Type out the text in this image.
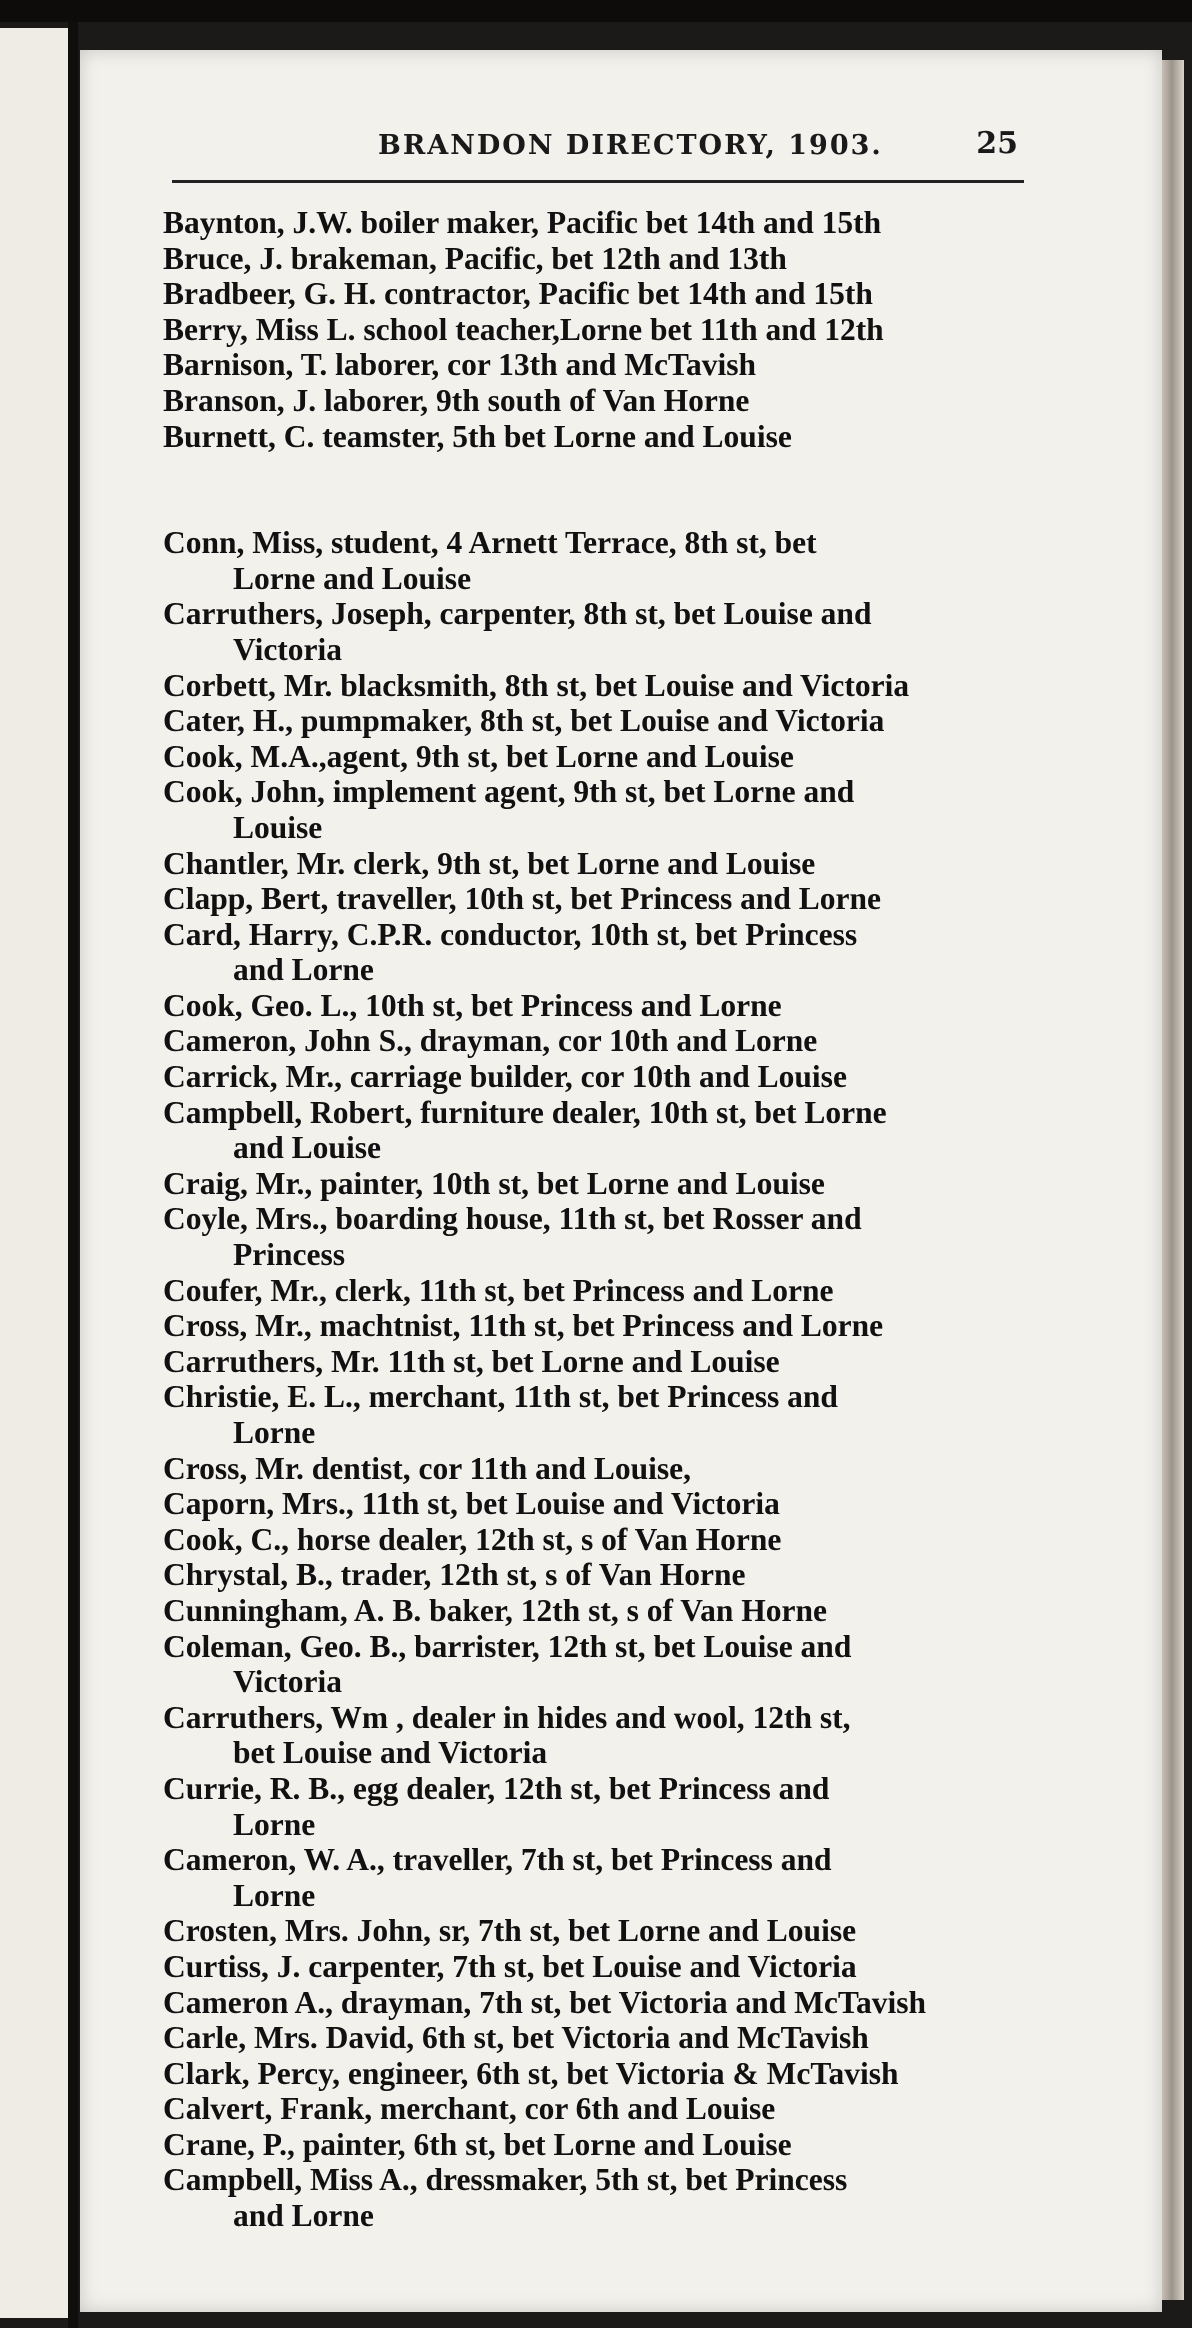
BRANDON DIRECTORY, 1903.	25
Baynton, J.W. boiler maker, Pacific bet 14th and 15th
Bruce, J. brakeman, Pacific, bet 12th and 13th
Bradbeer, G. H. contractor, Pacific bet 14th and 15th
Berry, Miss L. school teacher,Lorne bet 11th and 12th
Barnison, T. laborer, cor 13th and McTavish
Branson, J. laborer, 9th south of Van Horne
Burnett, C. teamster, 5th bet Lorne and Louise
Conn, Miss, student, 4 Arnett Terrace, 8th st, bet
Lorne and Louise
Carruthers, Joseph, carpenter, 8th st, bet Louise and
Victoria
Corbett, Mr. blacksmith, 8th st, bet Louise and Victoria
Cater, H., pumpmaker, 8th st, bet Louise and Victoria
Cook, M.A.,agent, 9th st, bet Lorne and Louise
Cook, John, implement agent, 9th st, bet Lorne and
Louise
Chantler, Mr. clerk, 9th st, bet Lorne and Louise
Clapp, Bert, traveller, 10th st, bet Princess and Lorne
Card, Harry, C.P.R. conductor, 10th st, bet Princess
and Lorne
Cook, Geo. L., 10th st, bet Princess and Lorne
Cameron, John S., drayman, cor 10th and Lorne
Carrick, Mr., carriage builder, cor 10th and Louise
Campbell, Robert, furniture dealer, 10th st, bet Lorne
and Louise
Craig, Mr., painter, 10th st, bet Lorne and Louise
Coyle, Mrs., boarding house, 11th st, bet Rosser and
Princess
Coufer, Mr., clerk, 11th st, bet Princess and Lorne
Cross, Mr., machtnist, 11th st, bet Princess and Lorne
Carruthers, Mr. 11th st, bet Lorne and Louise
Christie, E. L., merchant, 11th st, bet Princess and
Lorne
Cross, Mr. dentist, cor 11th and Louise,
Caporn, Mrs., 11th st, bet Louise and Victoria
Cook, C., horse dealer, 12th st, s of Van Horne
Chrystal, B., trader, 12th st, s of Van Horne
Cunningham, A. B. baker, 12th st, s of Van Horne
Coleman, Geo. B., barrister, 12th st, bet Louise and
Victoria
Carruthers, Wm , dealer in hides and wool, 12th st,
bet Louise and Victoria
Currie, R. B., egg dealer, 12th st, bet Princess and
Lorne
Cameron, W. A., traveller, 7th st, bet Princess and
Lorne
Crosten, Mrs. John, sr, 7th st, bet Lorne and Louise
Curtiss, J. carpenter, 7th st, bet Louise and Victoria
Cameron A., drayman, 7th st, bet Victoria and McTavish
Carle, Mrs. David, 6th st, bet Victoria and McTavish
Clark, Percy, engineer, 6th st, bet Victoria & McTavish
Calvert, Frank, merchant, cor 6th and Louise
Crane, P., painter, 6th st, bet Lorne and Louise
Campbell, Miss A., dressmaker, 5th st, bet Princess
and Lorne
